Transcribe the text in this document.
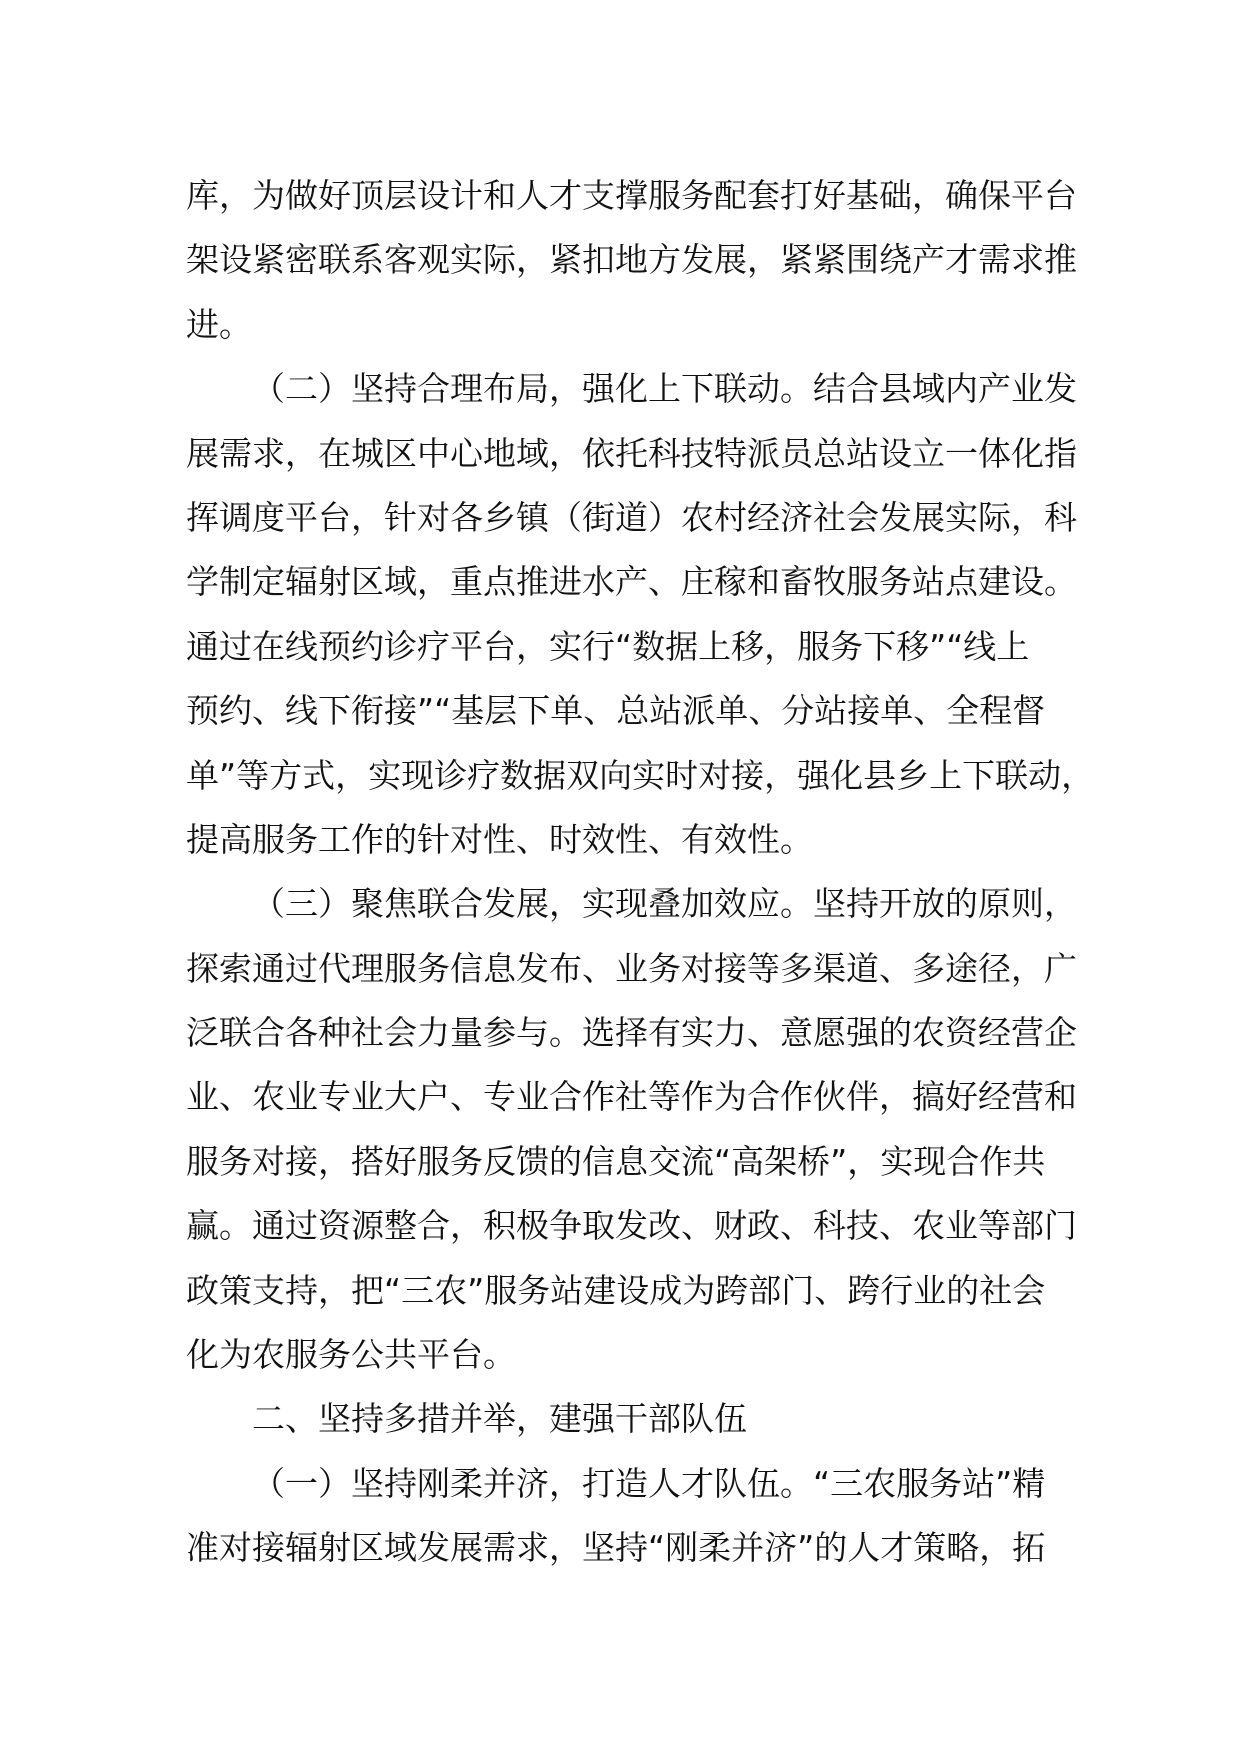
库，为做好顶层设计和人才支撑服务配套打好基础，确保平台
架设紧密联系客观实际，紧扣地方发展，紧紧围绕产才需求推
进。
（二）坚持合理布局，强化上下联动。结合县域内产业发
展需求，在城区中心地域，依托科技特派员总站设立一体化指
挥调度平台，针对各乡镇（街道）农村经济社会发展实际，科
学制定辐射区域，重点推进水产、庄稼和畜牧服务站点建设。
通过在线预约诊疗平台，实行“数据上移，服务下移”“线上
预约、线下衔接”“基层下单、总站派单、分站接单、全程督
单”等方式，实现诊疗数据双向实时对接，强化县乡上下联动，
提高服务工作的针对性、时效性、有效性。
（三）聚焦联合发展，实现叠加效应。坚持开放的原则，
探索通过代理服务信息发布、业务对接等多渠道、多途径，广
泛联合各种社会力量参与。选择有实力、意愿强的农资经营企
业、农业专业大户、专业合作社等作为合作伙伴，搞好经营和
服务对接，搭好服务反馈的信息交流“高架桥”，实现合作共
赢。通过资源整合，积极争取发改、财政、科技、农业等部门
政策支持，把“三农”服务站建设成为跨部门、跨行业的社会
化为农服务公共平台。
二、坚持多措并举，建强干部队伍
（一）坚持刚柔并济，打造人才队伍。“三农服务站”精
准对接辐射区域发展需求，坚持“刚柔并济”的人才策略，拓
